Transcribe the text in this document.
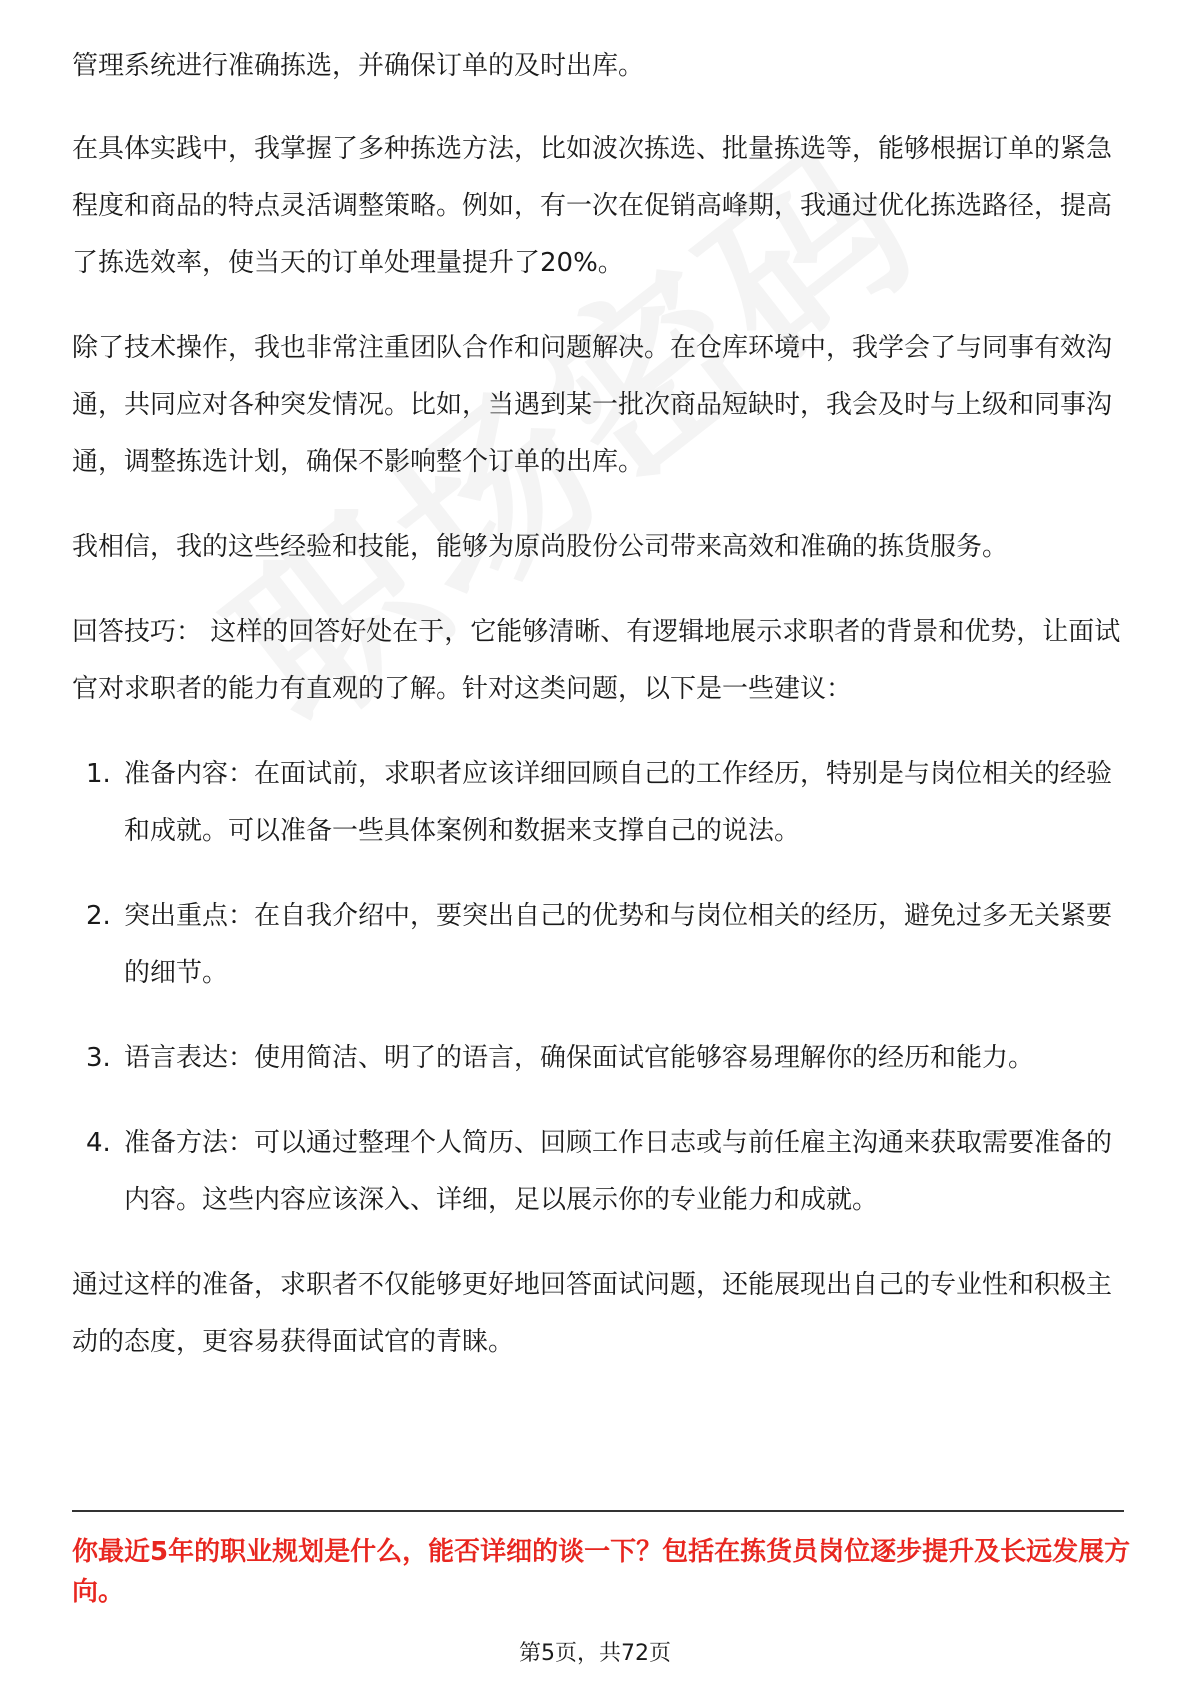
管理系统进行准确拣选，并确保订单的及时出库。

在具体实践中，我掌握了多种拣选方法，比如波次拣选、批量拣选等，能够根据订单的紧急程度和商品的特点灵活调整策略。例如，有一次在促销高峰期，我通过优化拣选路径，提高了拣选效率，使当天的订单处理量提升了20%。

除了技术操作，我也非常注重团队合作和问题解决。在仓库环境中，我学会了与同事有效沟通，共同应对各种突发情况。比如，当遇到某一批次商品短缺时，我会及时与上级和同事沟通，调整拣选计划，确保不影响整个订单的出库。

我相信，我的这些经验和技能，能够为原尚股份公司带来高效和准确的拣货服务。

回答技巧： 这样的回答好处在于，它能够清晰、有逻辑地展示求职者的背景和优势，让面试官对求职者的能力有直观的了解。针对这类问题，以下是一些建议：

1. 准备内容：在面试前，求职者应该详细回顾自己的工作经历，特别是与岗位相关的经验和成就。可以准备一些具体案例和数据来支撑自己的说法。
2. 突出重点：在自我介绍中，要突出自己的优势和与岗位相关的经历，避免过多无关紧要的细节。
3. 语言表达：使用简洁、明了的语言，确保面试官能够容易理解你的经历和能力。
4. 准备方法：可以通过整理个人简历、回顾工作日志或与前任雇主沟通来获取需要准备的内容。这些内容应该深入、详细，足以展示你的专业能力和成就。

通过这样的准备，求职者不仅能够更好地回答面试问题，还能展现出自己的专业性和积极主动的态度，更容易获得面试官的青睐。

你最近5年的职业规划是什么，能否详细的谈一下？包括在拣货员岗位逐步提升及长远发展方向。
第5页，共72页
